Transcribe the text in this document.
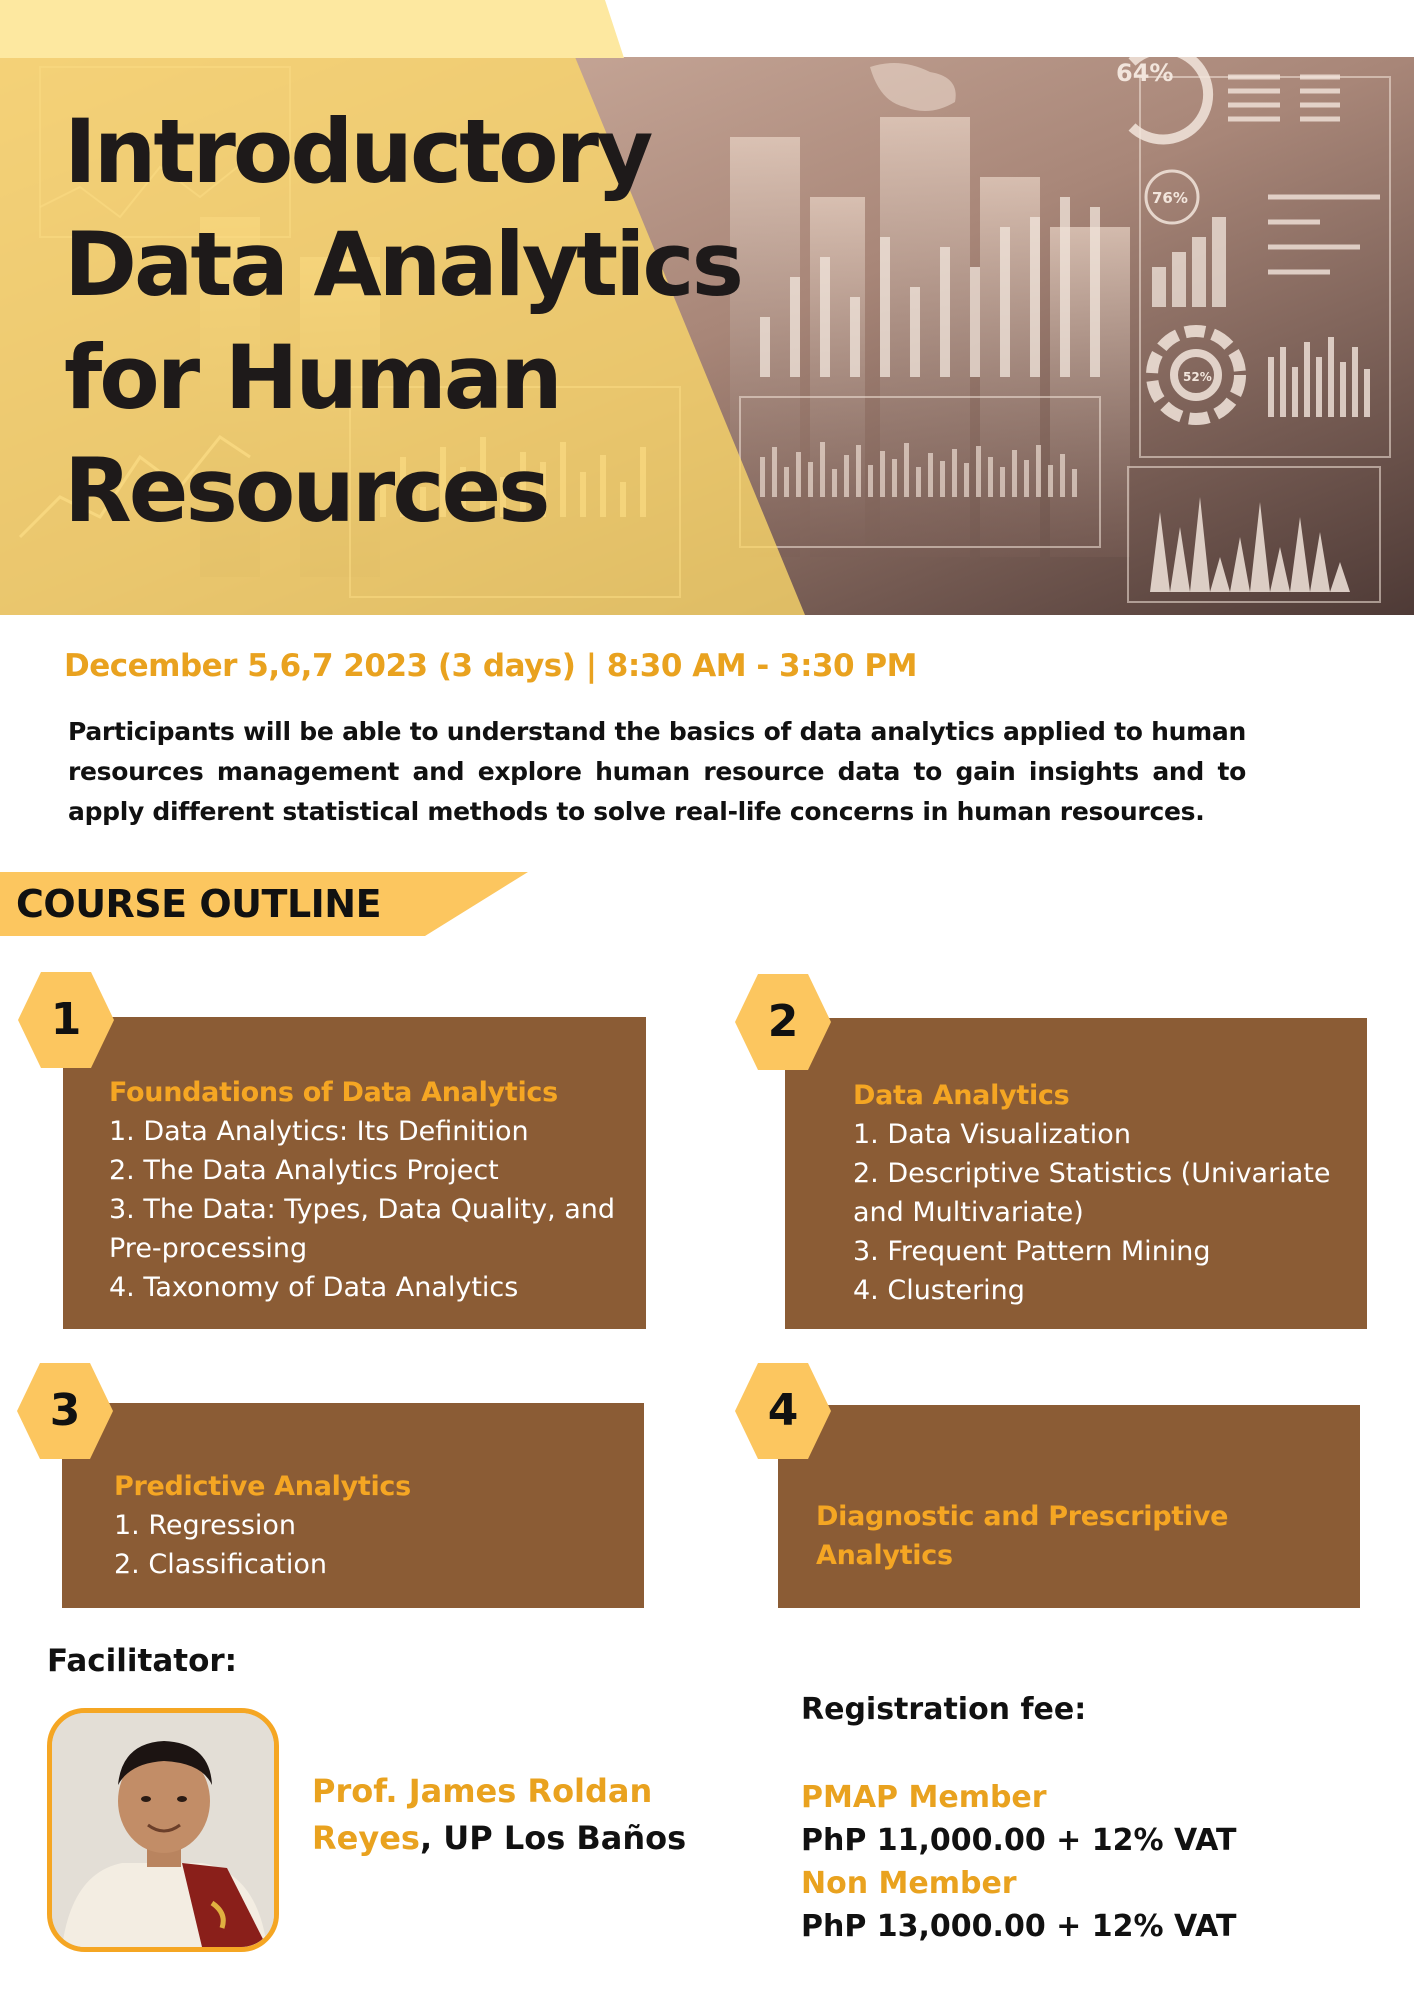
64%
76%
52%
Introductory
Data Analytics
for Human
Resources

December 5,6,7 2023 (3 days) | 8:30 AM - 3:30 PM

Participants will be able to understand the basics of data analytics applied to human resources management and explore human resource data to gain insights and to apply different statistical methods to solve real-life concerns in human resources.

COURSE OUTLINE
Foundations of Data Analytics
1. Data Analytics: Its Definition
2. The Data Analytics Project
3. The Data: Types, Data Quality, and Pre-processing
4. Taxonomy of Data Analytics
1
Data Analytics
1. Data Visualization
2. Descriptive Statistics (Univariate and Multivariate)
3. Frequent Pattern Mining
4. Clustering
2
Predictive Analytics
1. Regression
2. Classification
3
Diagnostic and Prescriptive Analytics
4

Facilitator:

Prof. James Roldan Reyes, UP Los Baños

Registration fee:
PMAP Member
PhP 11,000.00 + 12% VAT
Non Member
PhP 13,000.00 + 12% VAT
